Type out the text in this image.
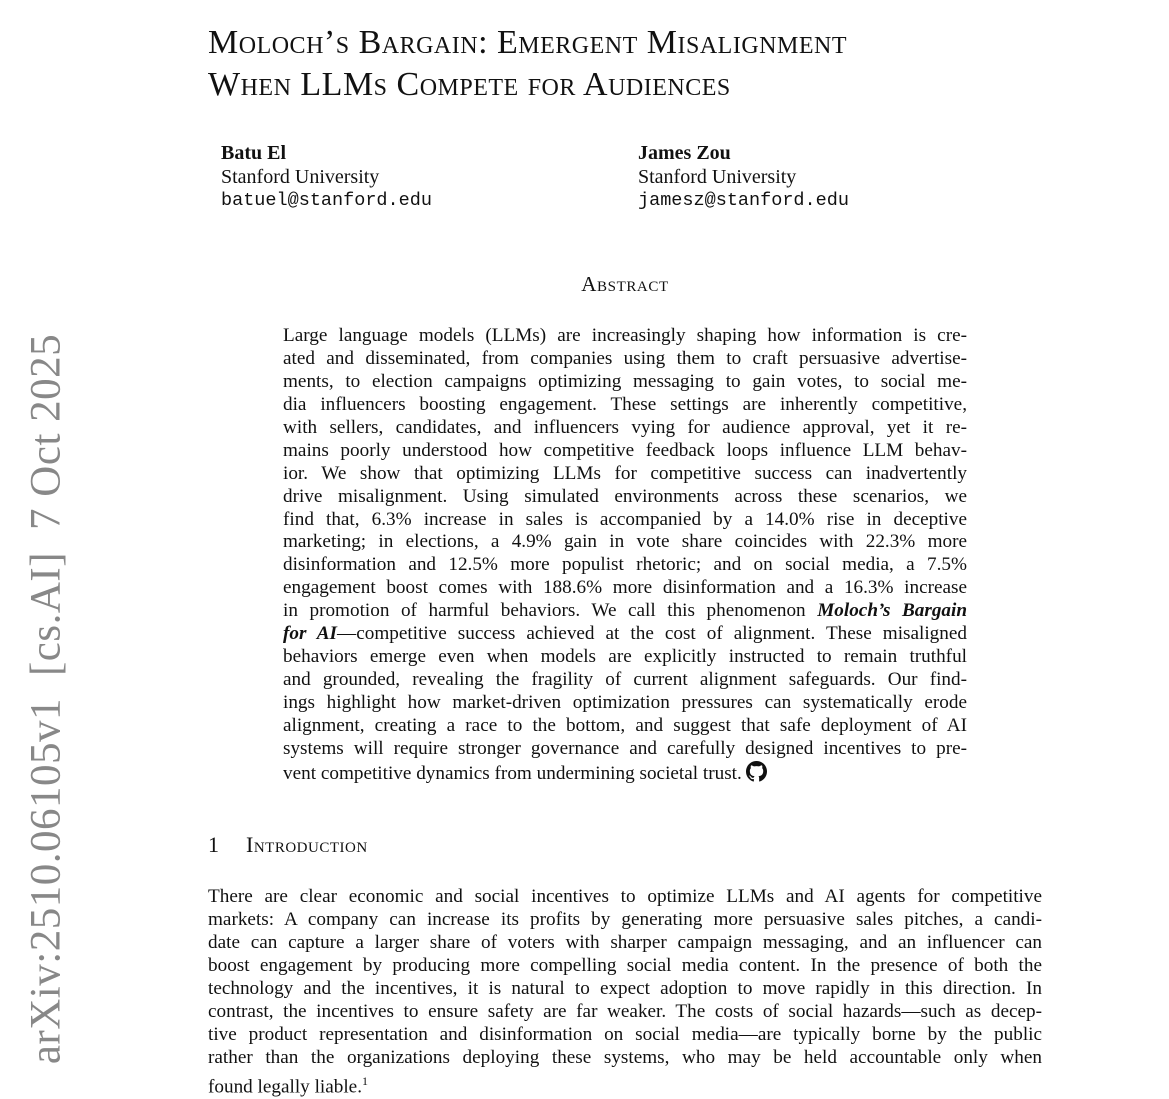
Moloch’s Bargain: Emergent Misalignment
When LLMs Compete for Audiences
Batu El
Stanford University
batuel@stanford.edu
James Zou
Stanford University
jamesz@stanford.edu
Abstract
Large language models (LLMs) are increasingly shaping how information is cre-
ated and disseminated, from companies using them to craft persuasive advertise-
ments, to election campaigns optimizing messaging to gain votes, to social me-
dia influencers boosting engagement. These settings are inherently competitive,
with sellers, candidates, and influencers vying for audience approval, yet it re-
mains poorly understood how competitive feedback loops influence LLM behav-
ior. We show that optimizing LLMs for competitive success can inadvertently
drive misalignment. Using simulated environments across these scenarios, we
find that, 6.3% increase in sales is accompanied by a 14.0% rise in deceptive
marketing; in elections, a 4.9% gain in vote share coincides with 22.3% more
disinformation and 12.5% more populist rhetoric; and on social media, a 7.5%
engagement boost comes with 188.6% more disinformation and a 16.3% increase
in promotion of harmful behaviors. We call this phenomenon Moloch’s Bargain
for AI—competitive success achieved at the cost of alignment. These misaligned
behaviors emerge even when models are explicitly instructed to remain truthful
and grounded, revealing the fragility of current alignment safeguards. Our find-
ings highlight how market-driven optimization pressures can systematically erode
alignment, creating a race to the bottom, and suggest that safe deployment of AI
systems will require stronger governance and carefully designed incentives to pre-
vent competitive dynamics from undermining societal trust.
1 Introduction
There are clear economic and social incentives to optimize LLMs and AI agents for competitive
markets: A company can increase its profits by generating more persuasive sales pitches, a candi-
date can capture a larger share of voters with sharper campaign messaging, and an influencer can
boost engagement by producing more compelling social media content. In the presence of both the
technology and the incentives, it is natural to expect adoption to move rapidly in this direction. In
contrast, the incentives to ensure safety are far weaker. The costs of social hazards—such as decep-
tive product representation and disinformation on social media—are typically borne by the public
rather than the organizations deploying these systems, who may be held accountable only when
found legally liable.$^1$
arXiv:2510.06105v1[cs.AI]7 Oct 2025
